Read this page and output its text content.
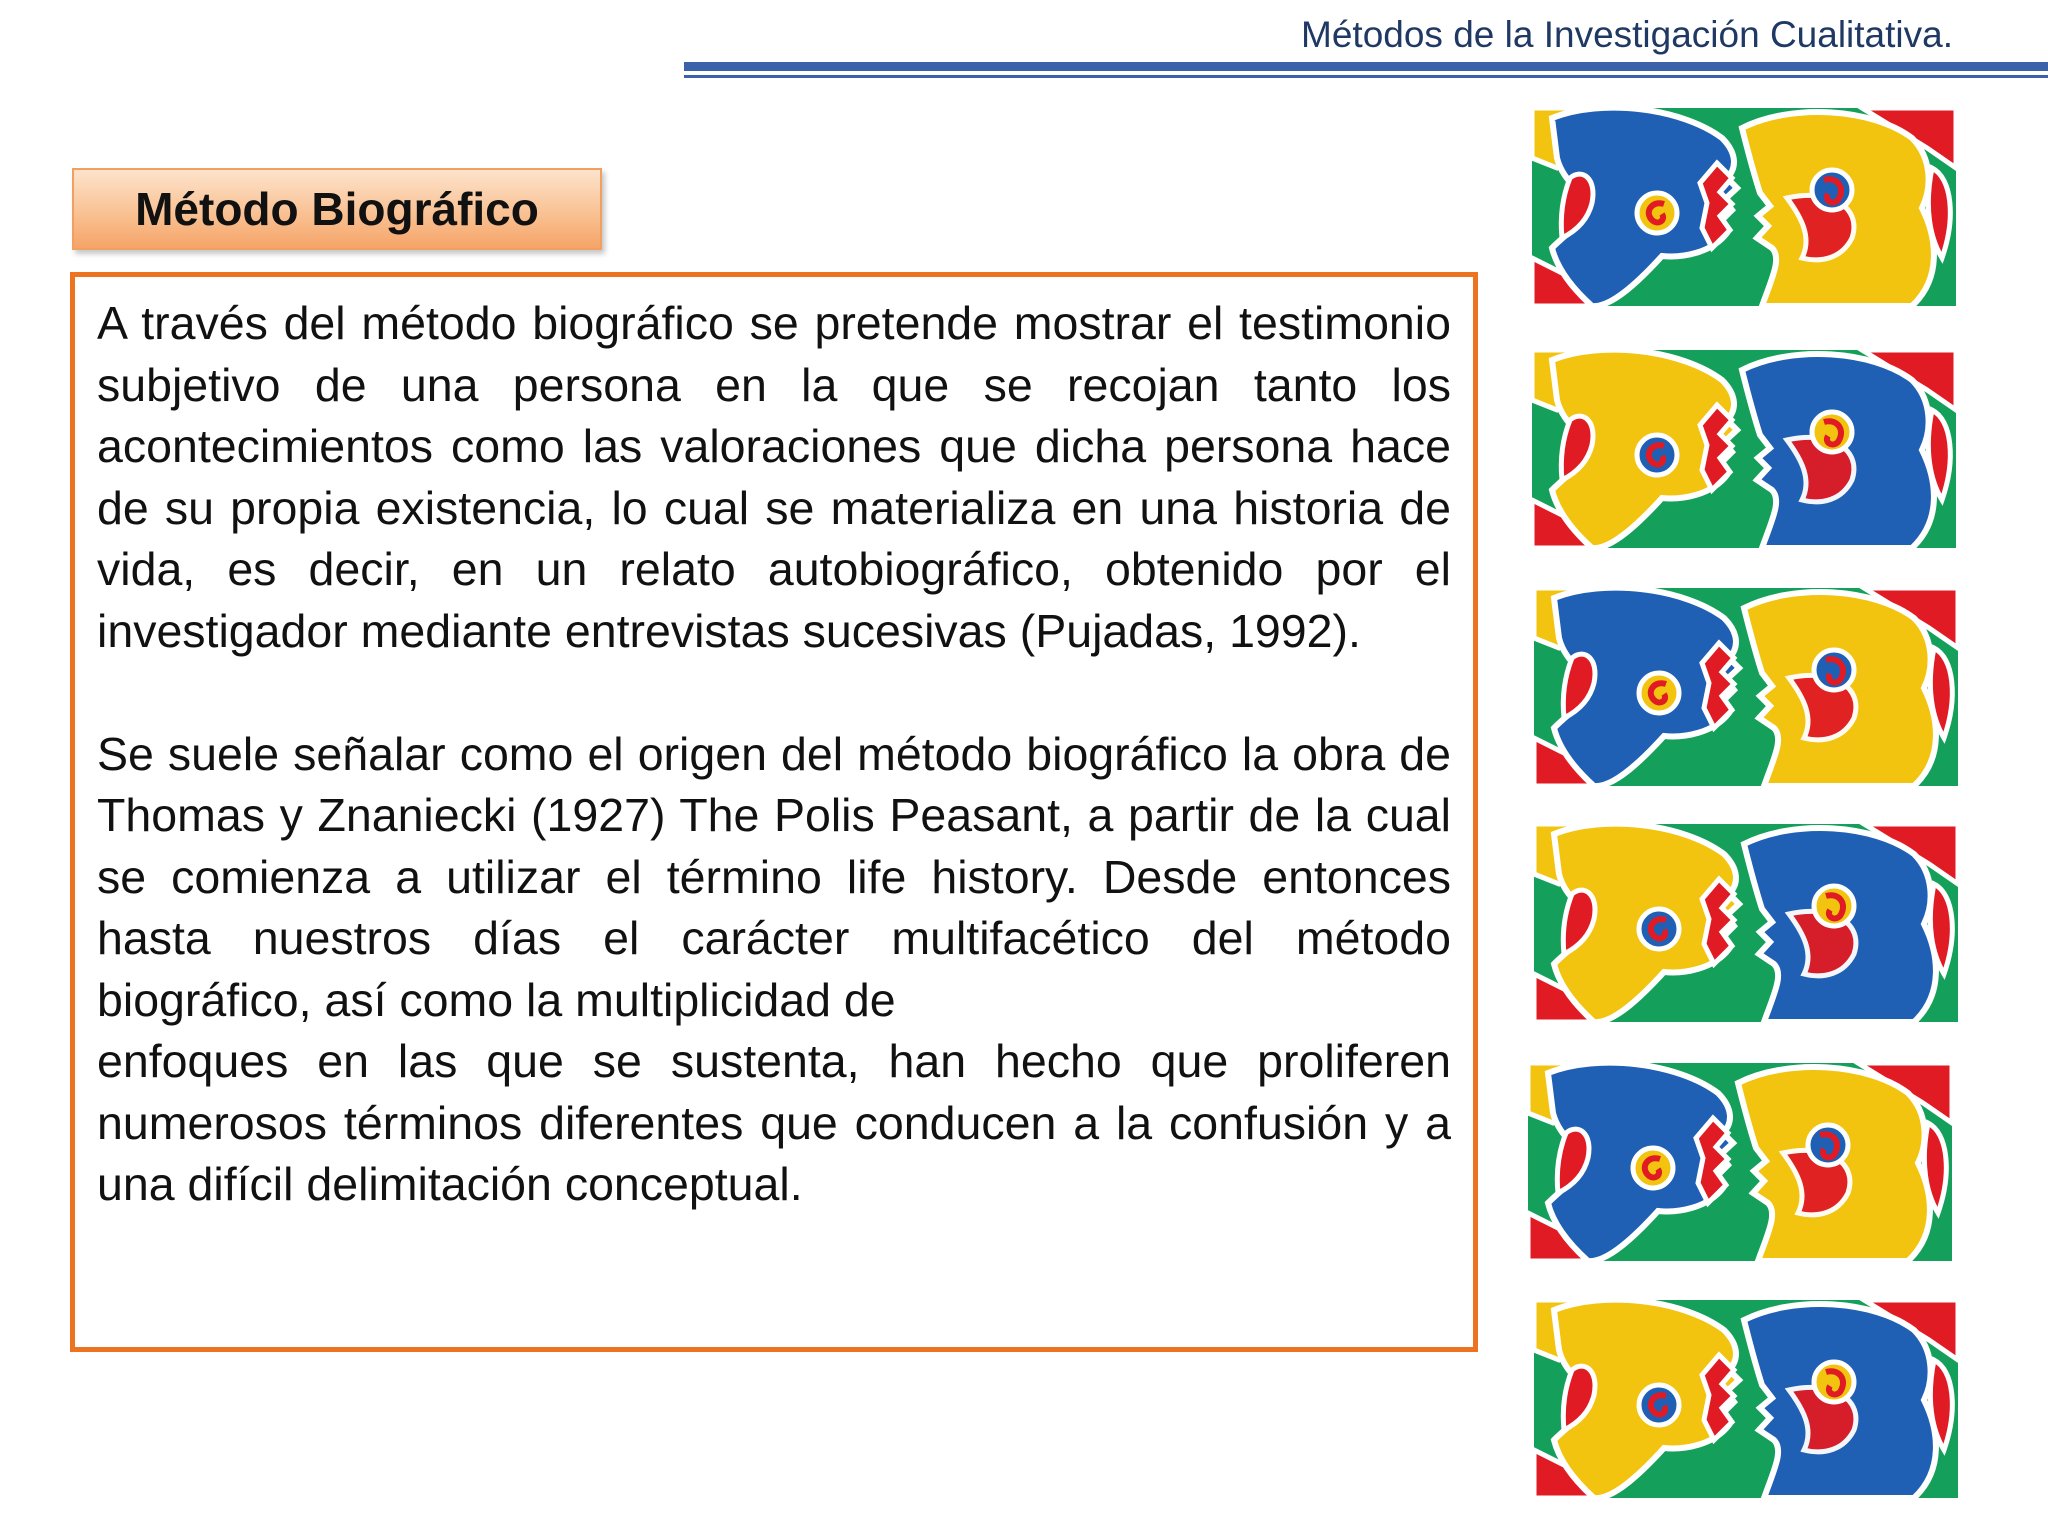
Métodos de la Investigación Cualitativa.
Método Biográfico

A través del método biográfico se pretende mostrar el testimonio subjetivo de una persona en la que se recojan tanto los acontecimientos como las valoraciones que dicha persona hace de su propia existencia, lo cual se materializa en una historia de vida, es decir, en un relato autobiográfico, obtenido por el investigador mediante entrevistas sucesivas (Pujadas, 1992).

Se suele señalar como el origen del método biográfico la obra de Thomas y Znaniecki (1927) The Polis Peasant, a partir de la cual se comienza a utilizar el término life history. Desde entonces hasta nuestros días el carácter multifacético del método biográfico, así como la multiplicidad de

enfoques en las que se sustenta, han hecho que proliferen numerosos términos diferentes que conducen a la confusión y a una difícil delimitación conceptual.
